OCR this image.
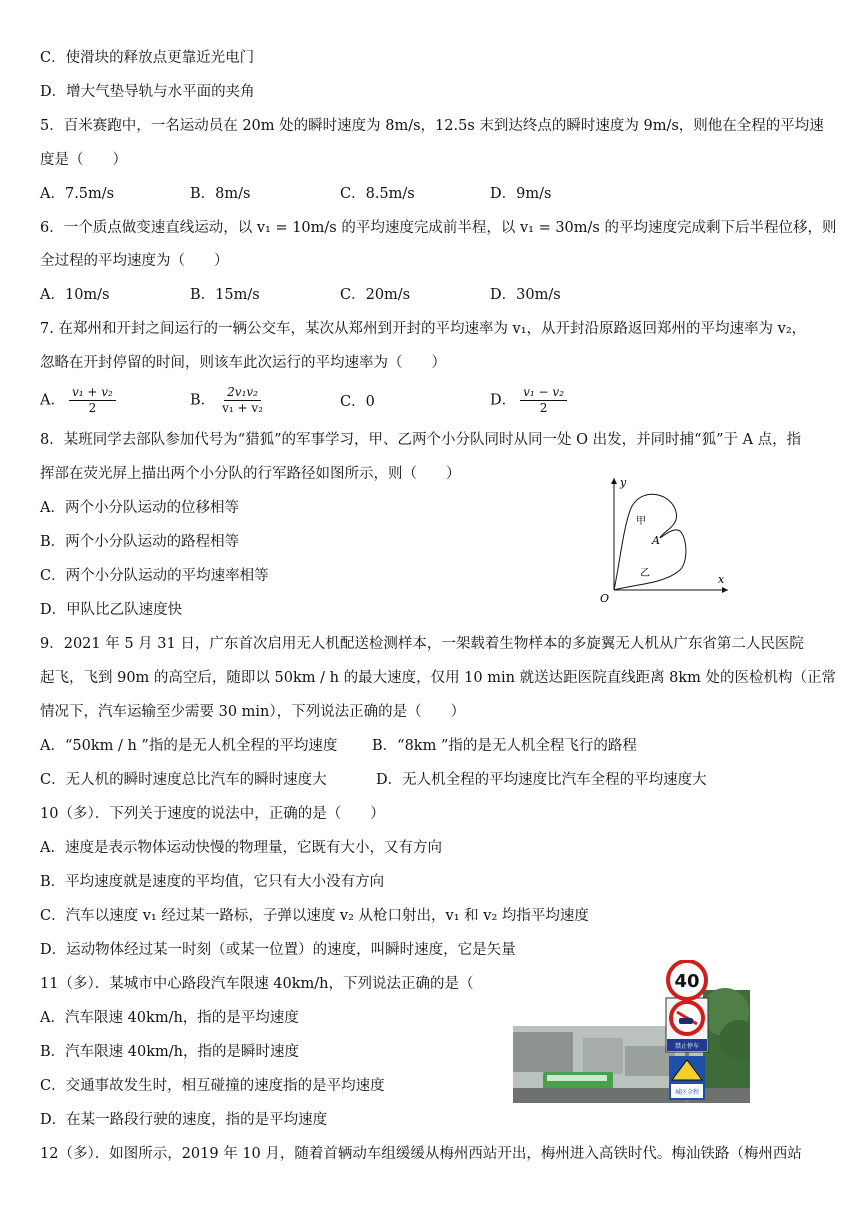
C．使滑块的释放点更靠近光电门
D．增大气垫导轨与水平面的夹角
5．百米赛跑中，一名运动员在 20m 处的瞬时速度为 8m/s，12.5s 末到达终点的瞬时速度为 9m/s，则他在全程的平均速
度是（　　）
A．7.5m/s	B．8m/s	C．8.5m/s	D．9m/s
6．一个质点做变速直线运动，以 v₁ = 10m/s 的平均速度完成前半程，以 v₁ = 30m/s 的平均速度完成剩下后半程位移，则
全过程的平均速度为（　　）
A．10m/s	B．15m/s	C．20m/s	D．30m/s
7. 在郑州和开封之间运行的一辆公交车，某次从郑州到开封的平均速率为 v₁，从开封沿原路返回郑州的平均速率为 v₂，
忽略在开封停留的时间，则该车此次运行的平均速率为（　　）
A． $\frac{\text{v₁ + v₂}}{2}$	B． $\frac{\text{2v₁v₂}}{\text{v₁ + v₂}}$	C．0	D． $\frac{\text{v₁ − v₂}}{2}$
8．某班同学去部队参加代号为“猎狐”的军事学习，甲、乙两个小分队同时从同一处 O 出发，并同时捕“狐”于 A 点，指
挥部在荧光屏上描出两个小分队的行军路径如图所示，则（　　）
A．两个小分队运动的位移相等
B．两个小分队运动的路程相等
C．两个小分队运动的平均速率相等
D．甲队比乙队速度快
y
x
O
A
甲
乙
9．2021 年 5 月 31 日，广东首次启用无人机配送检测样本，一架载着生物样本的多旋翼无人机从广东省第二人民医院
起飞，飞到 90m 的高空后，随即以 50km / h 的最大速度，仅用 10 min 就送达距医院直线距离 8km 处的医检机构（正常
情况下，汽车运输至少需要 30 min），下列说法正确的是（　　）
A．“50km / h ”指的是无人机全程的平均速度 B．“8km ”指的是无人机全程飞行的路程
C．无人机的瞬时速度总比汽车的瞬时速度大	D．无人机全程的平均速度比汽车全程的平均速度大
10（多）．下列关于速度的说法中，正确的是（　　）
A．速度是表示物体运动快慢的物理量，它既有大小，又有方向
B．平均速度就是速度的平均值，它只有大小没有方向
C．汽车以速度 v₁ 经过某一路标，子弹以速度 v₂ 从枪口射出，v₁ 和 v₂ 均指平均速度
D．运动物体经过某一时刻（或某一位置）的速度，叫瞬时速度，它是矢量
11（多）．某城市中心路段汽车限速 40km/h，下列说法正确的是（
A．汽车限速 40km/h，指的是平均速度
B．汽车限速 40km/h，指的是瞬时速度
C．交通事故发生时，相互碰撞的速度指的是平均速度
D．在某一路段行驶的速度，指的是平均速度
禁止停车
40
城区全程
12（多）．如图所示，2019 年 10 月，随着首辆动车组缓缓从梅州西站开出，梅州进入高铁时代。梅汕铁路（梅州西站
